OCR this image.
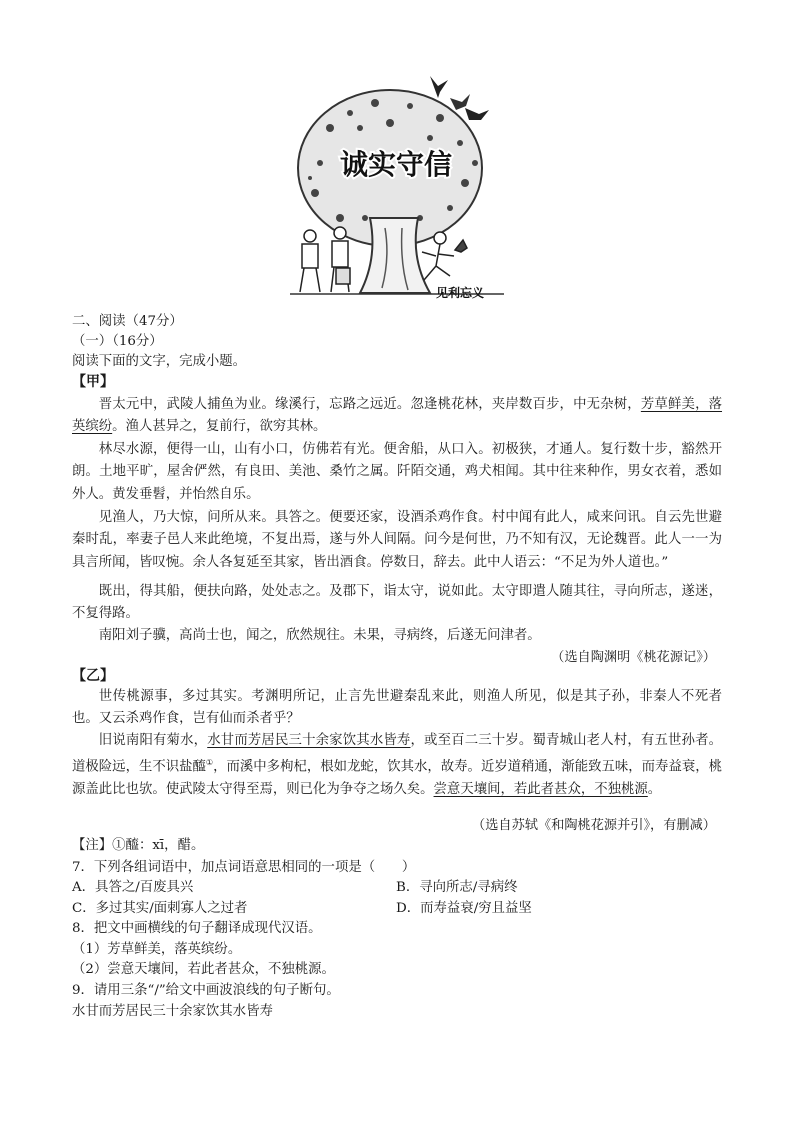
诚实守信
见利忘义
二、阅读（47分）
（一）（16分）
阅读下面的文字，完成小题。
【甲】
晋太元中，武陵人捕鱼为业。缘溪行，忘路之远近。忽逢桃花林，夹岸数百步，中无杂树，芳草鲜美，落英缤纷。渔人甚异之，复前行，欲穷其林。
林尽水源，便得一山，山有小口，仿佛若有光。便舍船，从口入。初极狭，才通人。复行数十步，豁然开朗。土地平旷，屋舍俨然，有良田、美池、桑竹之属。阡陌交通，鸡犬相闻。其中往来种作，男女衣着，悉如外人。黄发垂髫，并怡然自乐。
见渔人，乃大惊，问所从来。具答之。便要还家，设酒杀鸡作食。村中闻有此人，咸来问讯。自云先世避秦时乱，率妻子邑人来此绝境，不复出焉，遂与外人间隔。问今是何世，乃不知有汉，无论魏晋。此人一一为具言所闻，皆叹惋。余人各复延至其家，皆出酒食。停数日，辞去。此中人语云：“不足为外人道也。”
既出，得其船，便扶向路，处处志之。及郡下，诣太守，说如此。太守即遣人随其往，寻向所志，遂迷，不复得路。
南阳刘子骥，高尚士也，闻之，欣然规往。未果，寻病终，后遂无问津者。
（选自陶渊明《桃花源记》）
【乙】
世传桃源事，多过其实。考渊明所记，止言先世避秦乱来此，则渔人所见，似是其子孙，非秦人不死者也。又云杀鸡作食，岂有仙而杀者乎？
旧说南阳有菊水，水甘而芳居民三十余家饮其水皆寿，或至百二三十岁。蜀青城山老人村，有五世孙者。道极险远，生不识盐醯①，而溪中多枸杞，根如龙蛇，饮其水，故寿。近岁道稍通，渐能致五味，而寿益衰，桃源盖此比也欤。使武陵太守得至焉，则已化为争夺之场久矣。尝意天壤间，若此者甚众，不独桃源。
（选自苏轼《和陶桃花源并引》，有删减）
【注】①醯：xī，醋。
7．下列各组词语中，加点词语意思相同的一项是（　　）
A．具答之/百废具兴	B．寻向所志/寻病终
C．多过其实/面刺寡人之过者	D．而寿益衰/穷且益坚
8．把文中画横线的句子翻译成现代汉语。
（1）芳草鲜美，落英缤纷。
（2）尝意天壤间，若此者甚众，不独桃源。
9．请用三条“/”给文中画波浪线的句子断句。
水甘而芳居民三十余家饮其水皆寿
